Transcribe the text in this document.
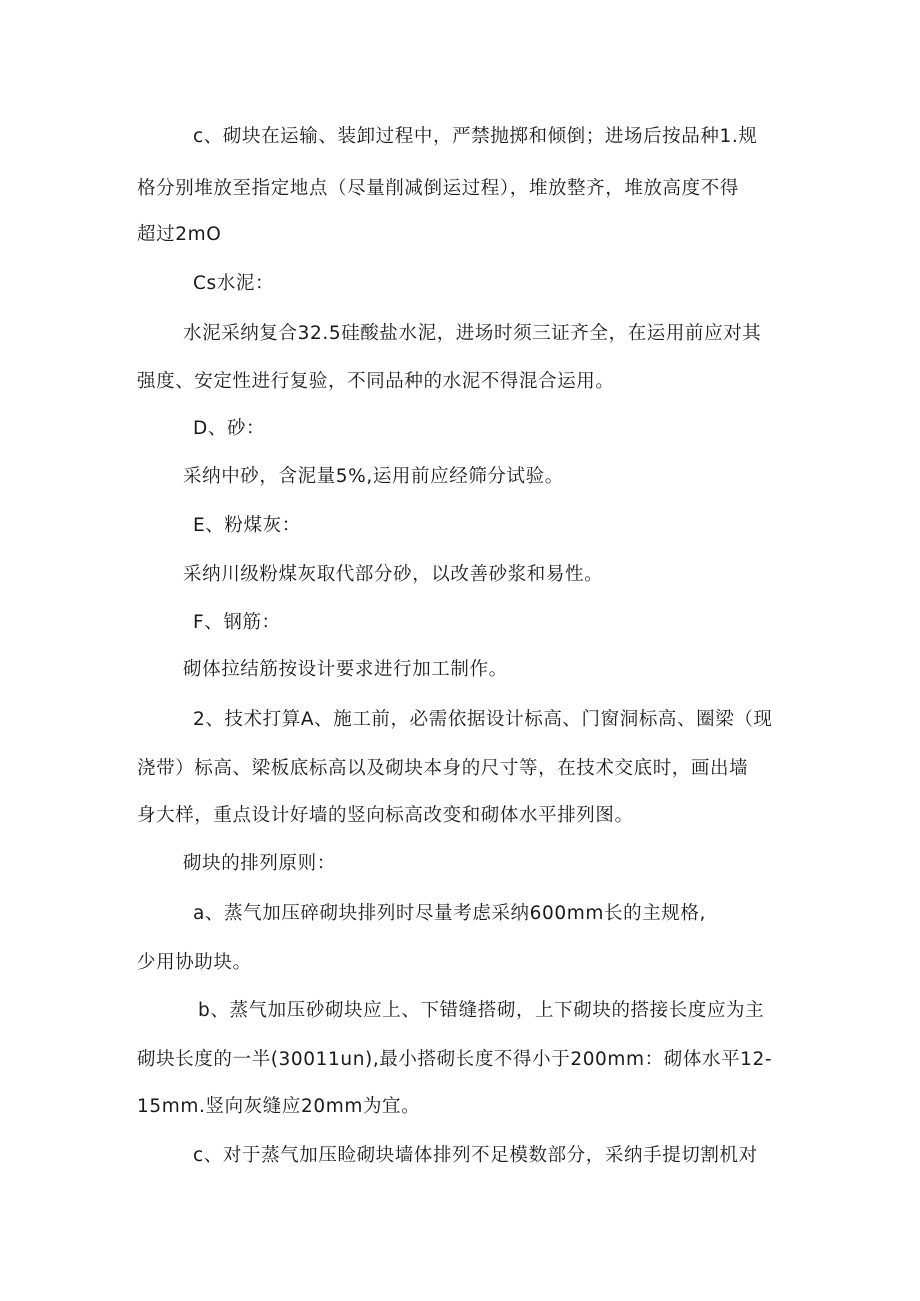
c、砌块在运输、装卸过程中，严禁抛掷和倾倒；进场后按品种1.规
格分别堆放至指定地点（尽量削减倒运过程），堆放整齐，堆放高度不得
超过2mO
Cs水泥：
水泥采纳复合32.5硅酸盐水泥，进场时须三证齐全，在运用前应对其
强度、安定性进行复验，不同品种的水泥不得混合运用。
D、砂：
采纳中砂，含泥量5%,运用前应经筛分试验。
E、粉煤灰：
采纳川级粉煤灰取代部分砂，以改善砂浆和易性。
F、钢筋：
砌体拉结筋按设计要求进行加工制作。
2、技术打算A、施工前，必需依据设计标高、门窗洞标高、圈梁（现
浇带）标高、梁板底标高以及砌块本身的尺寸等，在技术交底时，画出墙
身大样，重点设计好墙的竖向标高改变和砌体水平排列图。
砌块的排列原则：
a、蒸气加压碎砌块排列时尽量考虑采纳600mm长的主规格,
少用协助块。
b、蒸气加压砂砌块应上、下错缝搭砌，上下砌块的搭接长度应为主
砌块长度的一半(30011un),最小搭砌长度不得小于200mm：砌体水平12-
15mm.竖向灰缝应20mm为宜。
c、对于蒸气加压睑砌块墙体排列不足模数部分，采纳手提切割机对
